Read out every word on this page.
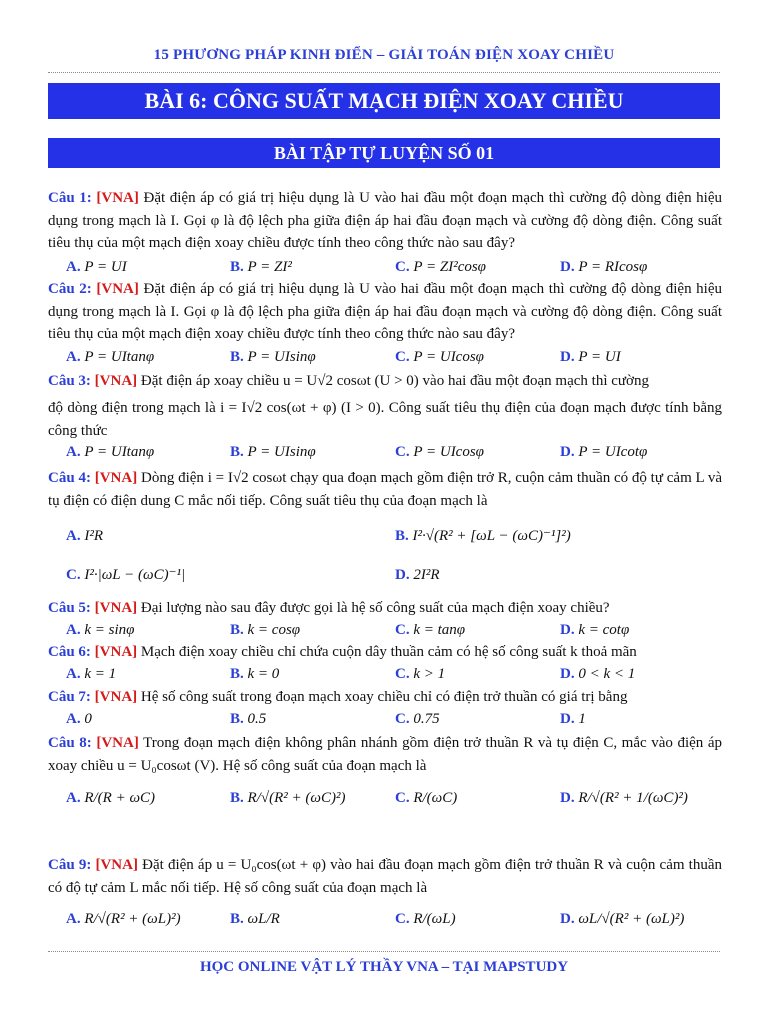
15 PHƯƠNG PHÁP KINH ĐIỂN – GIẢI TOÁN ĐIỆN XOAY CHIỀU
BÀI 6: CÔNG SUẤT MẠCH ĐIỆN XOAY CHIỀU
BÀI TẬP TỰ LUYỆN SỐ 01
Câu 1: [VNA] Đặt điện áp có giá trị hiệu dụng là U vào hai đầu một đoạn mạch thì cường độ dòng điện hiệu dụng trong mạch là I. Gọi φ là độ lệch pha giữa điện áp hai đầu đoạn mạch và cường độ dòng điện. Công suất tiêu thụ của một mạch điện xoay chiều được tính theo công thức nào sau đây?
A. P = UI	B. P = ZI²	C. P = ZI²cosφ	D. P = RIcosφ
Câu 2: [VNA] Đặt điện áp có giá trị hiệu dụng là U vào hai đầu một đoạn mạch thì cường độ dòng điện hiệu dụng trong mạch là I. Gọi φ là độ lệch pha giữa điện áp hai đầu đoạn mạch và cường độ dòng điện. Công suất tiêu thụ của một mạch điện xoay chiều được tính theo công thức nào sau đây?
A. P = UItanφ	B. P = UIsinφ	C. P = UIcosφ	D. P = UI
Câu 3: [VNA] Đặt điện áp xoay chiều u = U√2 cosωt (U > 0) vào hai đầu một đoạn mạch thì cường
độ dòng điện trong mạch là i = I√2 cos(ωt + φ) (I > 0). Công suất tiêu thụ điện của đoạn mạch được tính bằng công thức
A. P = UItanφ	B. P = UIsinφ	C. P = UIcosφ	D. P = UIcotφ
Câu 4: [VNA] Dòng điện i = I√2 cosωt chạy qua đoạn mạch gồm điện trở R, cuộn cảm thuần có độ tự cảm L và tụ điện có điện dung C mắc nối tiếp. Công suất tiêu thụ của đoạn mạch là
A. I²R	B. I²·√(R² + [ωL − (ωC)⁻¹]²)
C. I²·|ωL − (ωC)⁻¹|	D. 2I²R
Câu 5: [VNA] Đại lượng nào sau đây được gọi là hệ số công suất của mạch điện xoay chiều?
A. k = sinφ	B. k = cosφ	C. k = tanφ	D. k = cotφ
Câu 6: [VNA] Mạch điện xoay chiều chỉ chứa cuộn dây thuần cảm có hệ số công suất k thoả mãn
A. k = 1	B. k = 0	C. k > 1	D. 0 < k < 1
Câu 7: [VNA] Hệ số công suất trong đoạn mạch xoay chiều chỉ có điện trở thuần có giá trị bằng
A. 0	B. 0.5	C. 0.75	D. 1
Câu 8: [VNA] Trong đoạn mạch điện không phân nhánh gồm điện trở thuần R và tụ điện C, mắc vào điện áp xoay chiều u = U₀cosωt (V). Hệ số công suất của đoạn mạch là
A. R/(R + ωC)	B. R/√(R² + (ωC)²)	C. R/(ωC)	D. R/√(R² + 1/(ωC)²)
Câu 9: [VNA] Đặt điện áp u = U₀cos(ωt + φ) vào hai đầu đoạn mạch gồm điện trở thuần R và cuộn cảm thuần có độ tự cảm L mắc nối tiếp. Hệ số công suất của đoạn mạch là
A. R/√(R² + (ωL)²)	B. ωL/R	C. R/(ωL)	D. ωL/√(R² + (ωL)²)
HỌC ONLINE VẬT LÝ THẦY VNA – TẠI MAPSTUDY
